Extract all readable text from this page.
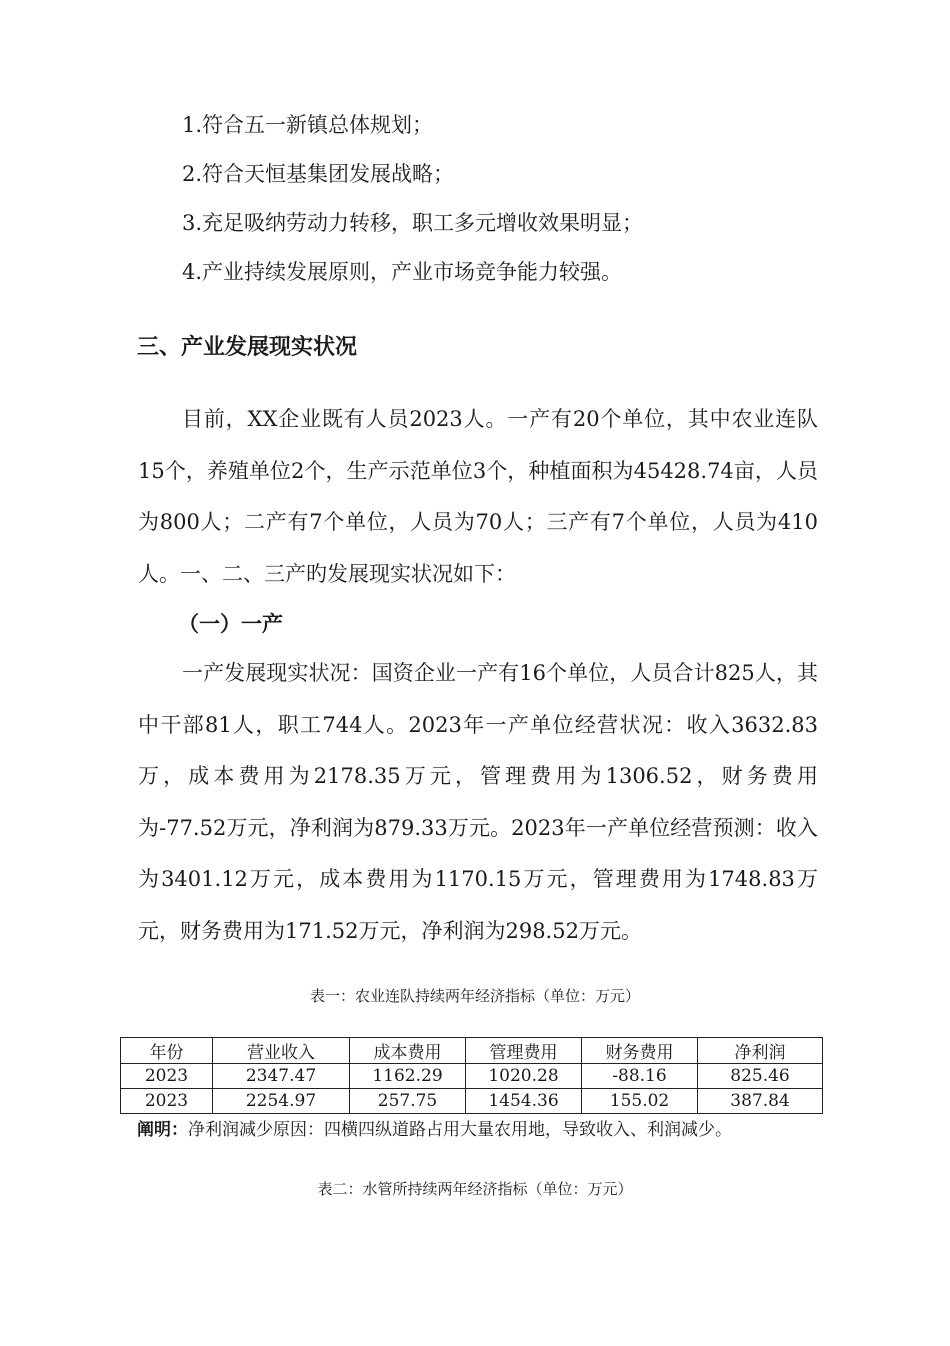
1.符合五一新镇总体规划；
2.符合天恒基集团发展战略；
3.充足吸纳劳动力转移，职工多元增收效果明显；
4.产业持续发展原则，产业市场竞争能力较强。
三、产业发展现实状况

目前，XX企业既有人员2023人。一产有20个单位，其中农业连队15个，养殖单位2个，生产示范单位3个，种植面积为45428.74亩，人员为800人；二产有7个单位，人员为70人；三产有7个单位，人员为410人。一、二、三产旳发展现实状况如下：

（一）一产

一产发展现实状况：国资企业一产有16个单位，人员合计825人，其中干部81人，职工744人。2023年一产单位经营状况：收入3632.83万，成本费用为2178.35万元，管理费用为1306.52，财务费用为-77.52万元，净利润为879.33万元。2023年一产单位经营预测：收入为3401.12万元，成本费用为1170.15万元，管理费用为1748.83万元，财务费用为171.52万元，净利润为298.52万元。

表一：农业连队持续两年经济指标（单位：万元）
年份	营业收入	成本费用	管理费用	财务费用	净利润
2023	2347.47	1162.29	1020.28	-88.16	825.46
2023	2254.97	257.75	1454.36	155.02	387.84
阐明：净利润减少原因：四横四纵道路占用大量农用地，导致收入、利润减少。
表二：水管所持续两年经济指标（单位：万元）
